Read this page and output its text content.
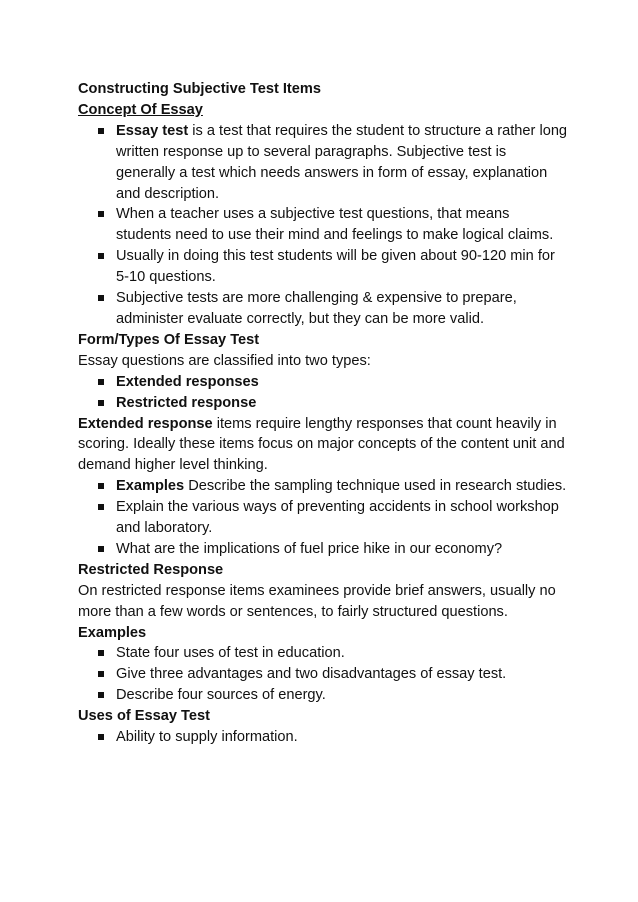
Constructing Subjective Test Items

Concept Of Essay

Essay test is a test that requires the student to structure a rather long written response up to several paragraphs. Subjective test is generally a test which needs answers in form of essay, explanation and description.
When a teacher uses a subjective test questions, that means students need to use their mind and feelings to make logical claims.
Usually in doing this test students will be given about 90-120 min for 5-10 questions.
Subjective tests are more challenging & expensive to prepare, administer evaluate correctly, but they can be more valid.

Form/Types Of Essay Test

Essay questions are classified into two types:

Extended responses
Restricted response

Extended response items require lengthy responses that count heavily in scoring. Ideally these items focus on major concepts of the content unit and demand higher level thinking.

Examples Describe the sampling technique used in research studies.
Explain the various ways of preventing accidents in school workshop and laboratory.
What are the implications of fuel price hike in our economy?

Restricted Response

On restricted response items examinees provide brief answers, usually no more than a few words or sentences, to fairly structured questions.

Examples

State four uses of test in education.
Give three advantages and two disadvantages of essay test.
Describe four sources of energy.

Uses of Essay Test

Ability to supply information.
